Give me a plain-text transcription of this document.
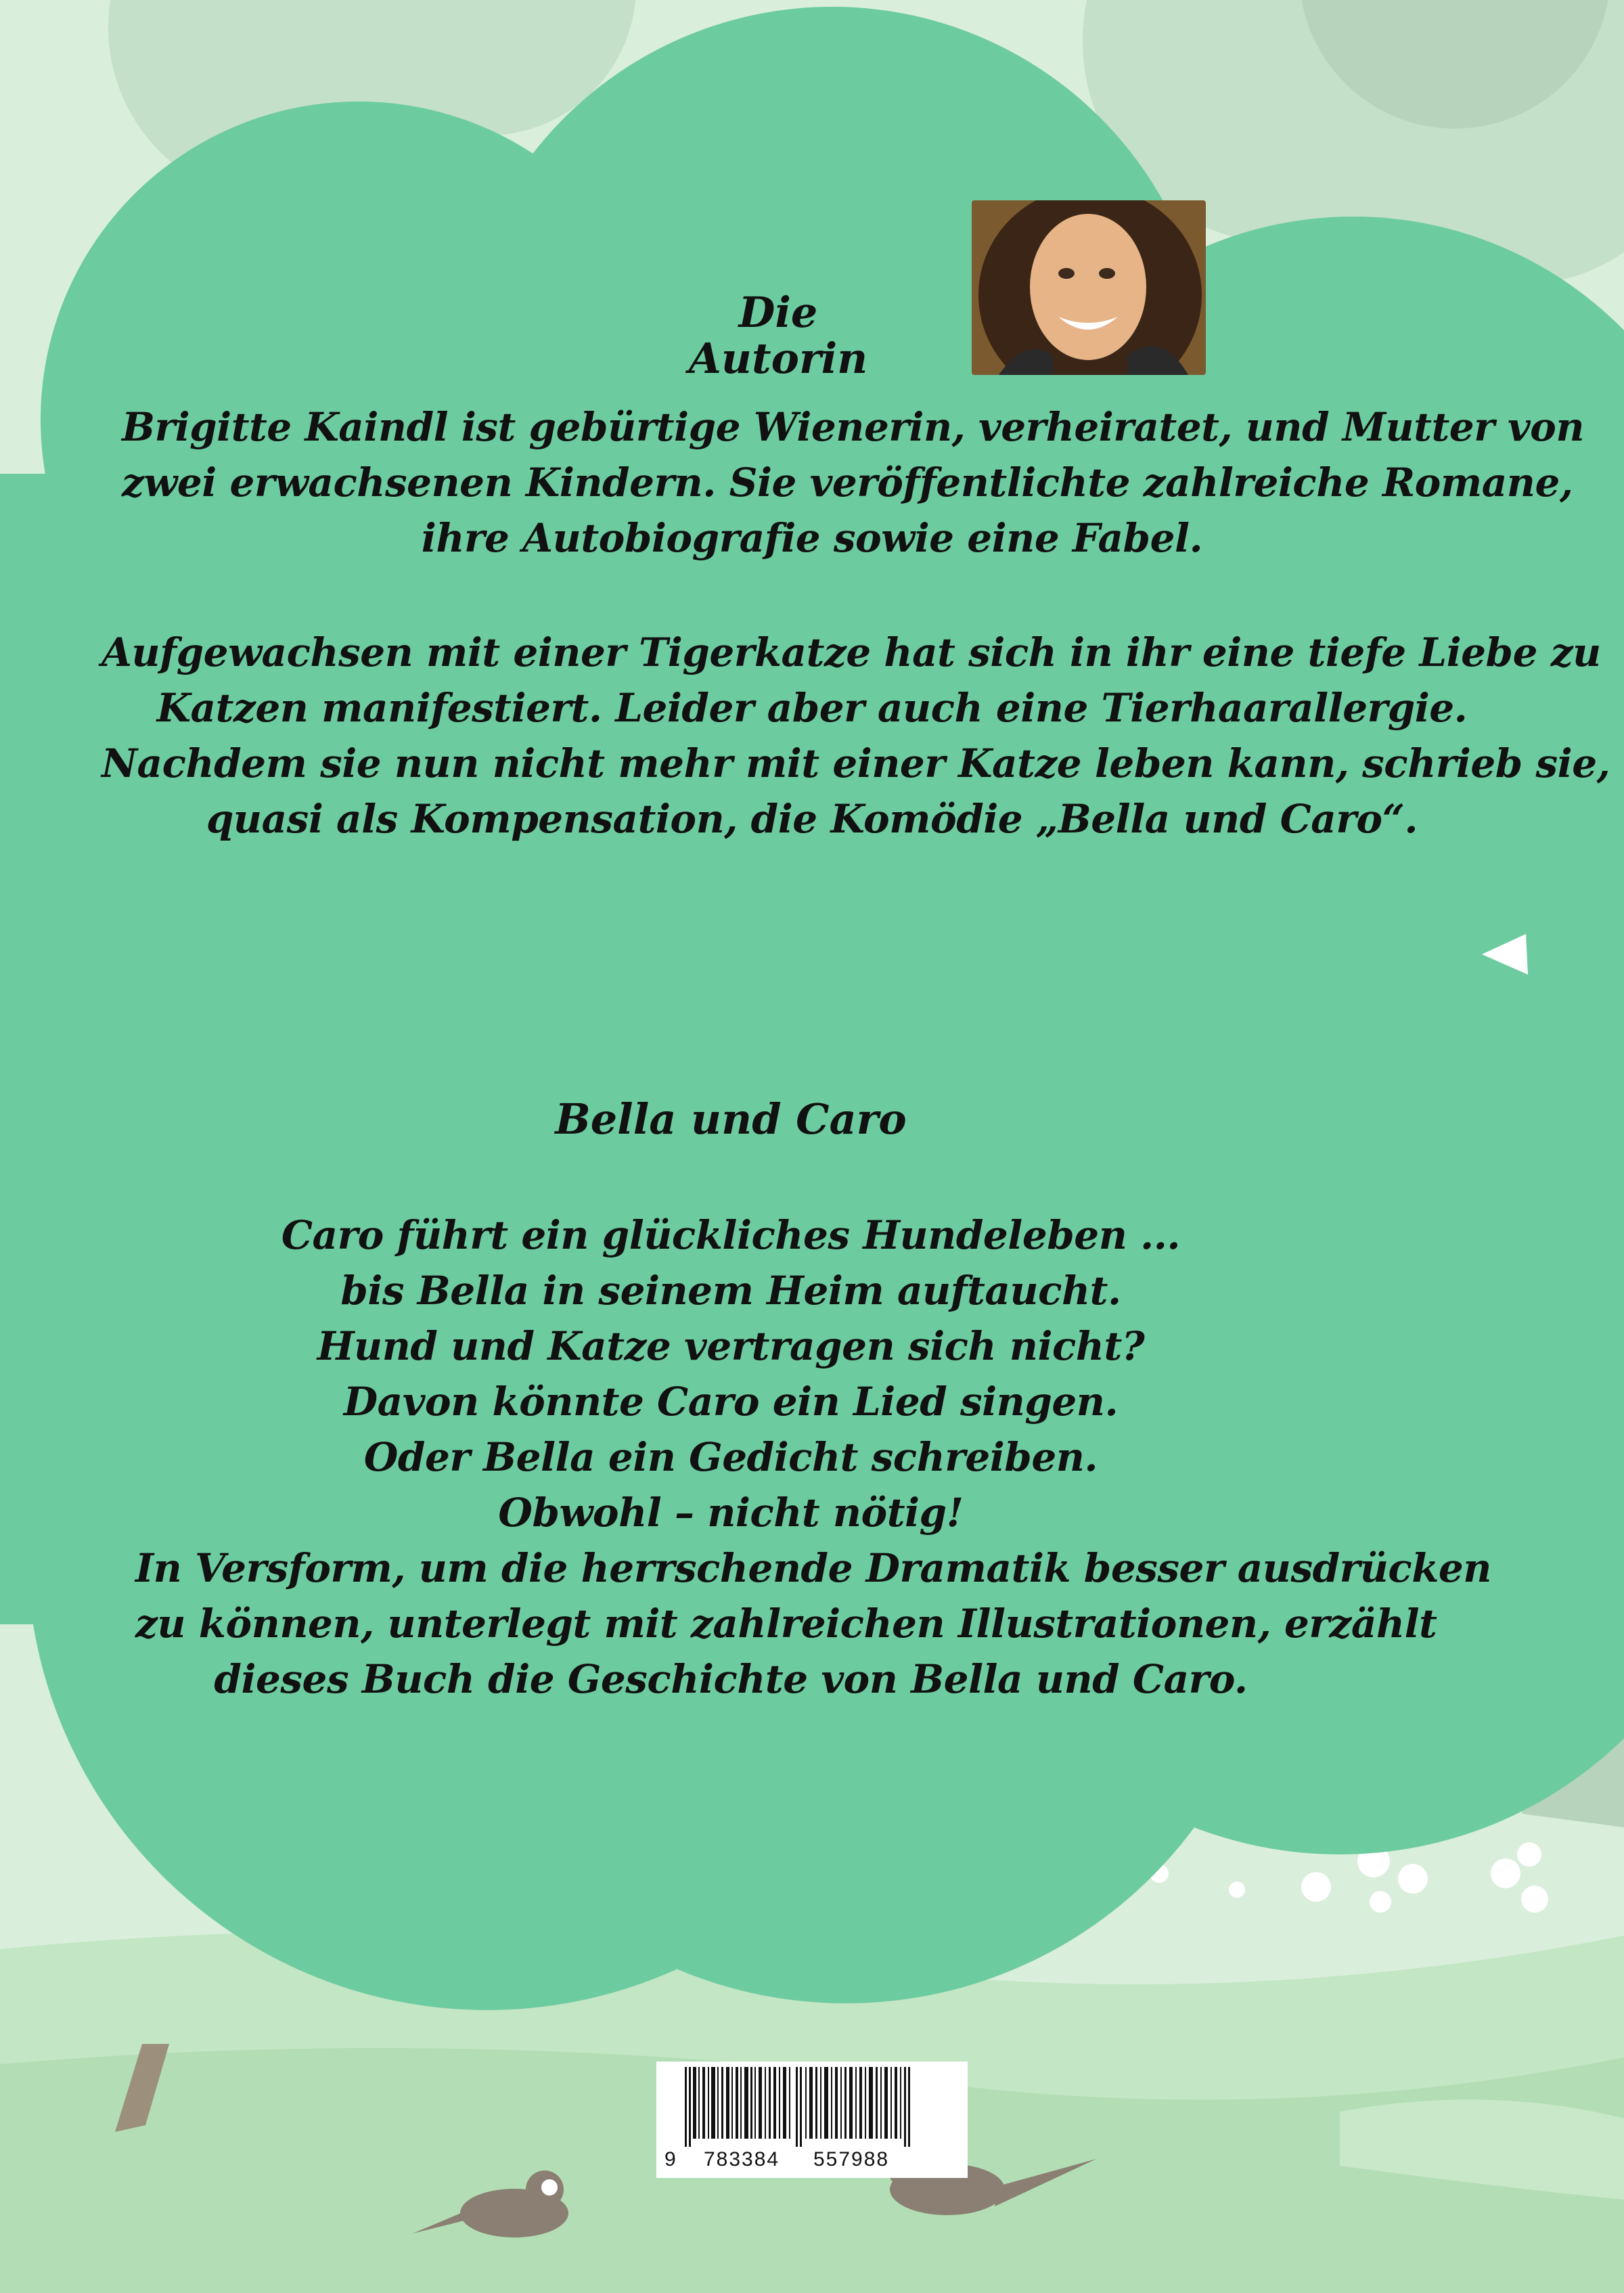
Die Autorin

Brigitte Kaindl ist gebürtige Wienerin, verheiratet, und Mutter von
zwei erwachsenen Kindern. Sie veröffentlichte zahlreiche Romane,
ihre Autobiografie sowie eine Fabel.

Aufgewachsen mit einer Tigerkatze hat sich in ihr eine tiefe Liebe zu
Katzen manifestiert. Leider aber auch eine Tierhaarallergie.
Nachdem sie nun nicht mehr mit einer Katze leben kann, schrieb sie,
quasi als Kompensation, die Komödie „Bella und Caro“.

Bella und Caro

Caro führt ein glückliches Hundeleben ...
bis Bella in seinem Heim auftaucht.
Hund und Katze vertragen sich nicht?
Davon könnte Caro ein Lied singen.
Oder Bella ein Gedicht schreiben.
Obwohl – nicht nötig!

In Versform, um die herrschende Dramatik besser ausdrücken
zu können, unterlegt mit zahlreichen Illustrationen, erzählt
dieses Buch die Geschichte von Bella und Caro.

9 783384 557988
